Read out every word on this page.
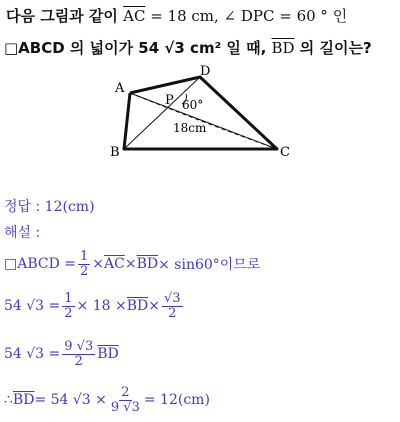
다음 그림과 같이 $\overline{AC} = 18$ cm, ∠ DPC = 60 ° 인
□ABCD 의 넓이가 54 √3 cm² 일 때, $\overline{BD}$ 의 길이는?
A
D
B	C
P 60°
18cm
정답 : 12(cm)
해설 :
□ABCD = $\frac{1}{2} \times \overline{AC} \times \overline{BD} \times \sin 60^\circ$이므로
54 $√3 = \frac{1}{2} \times 18 \times \overline{BD} \times \frac{√3}{2}$
54 $√3 = \frac{9 √3}{2} \overline{BD}$
∴ $\overline{BD} = 54$ $√3 \times \frac{2}{9 √3} = 12(cm)$
